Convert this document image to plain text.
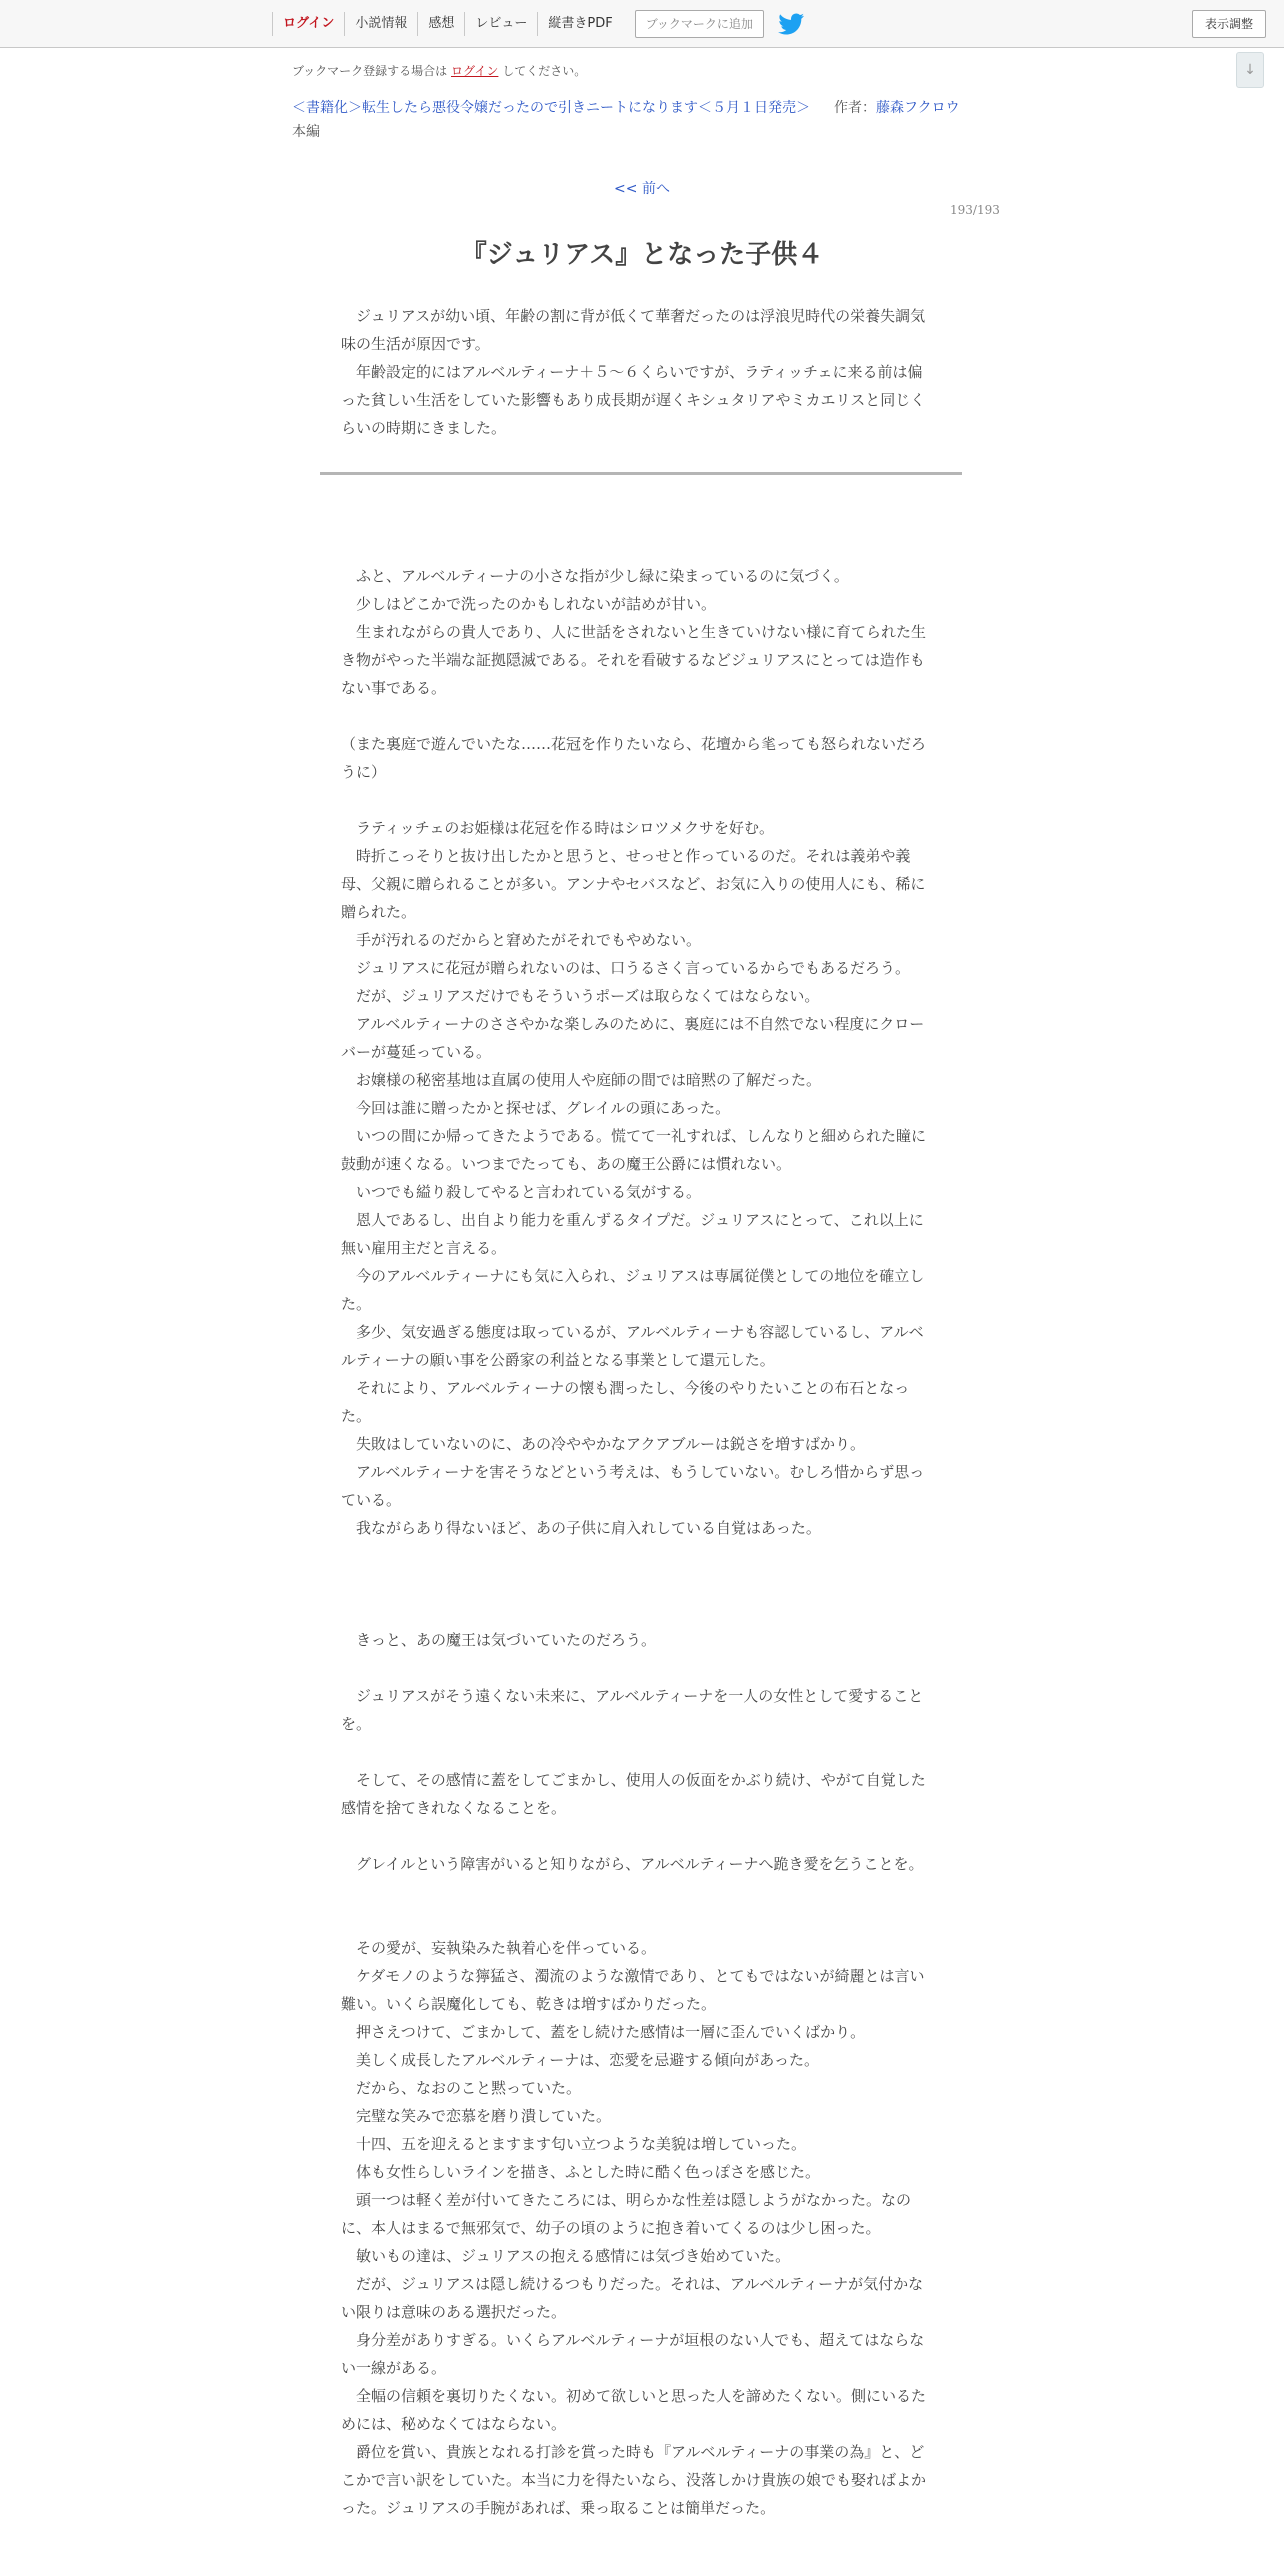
ログイン	小説情報	感想	レビュー	縦書きPDF	ブックマークに追加	表示調整
↓
ブックマーク登録する場合は ログイン してください。
＜書籍化＞転生したら悪役令嬢だったので引きニートになります＜５月１日発売＞ 作者：藤森フクロウ
本編
<< 前へ
193/193
『ジュリアス』となった子供４

　ジュリアスが幼い頃、年齢の割に背が低くて華奢だったのは浮浪児時代の栄養失調気味の生活が原因です。

　年齢設定的にはアルベルティーナ＋５～６くらいですが、ラティッチェに来る前は偏った貧しい生活をしていた影響もあり成長期が遅くキシュタリアやミカエリスと同じくらいの時期にきました。

　ふと、アルベルティーナの小さな指が少し緑に染まっているのに気づく。

　少しはどこかで洗ったのかもしれないが詰めが甘い。

　生まれながらの貴人であり、人に世話をされないと生きていけない様に育てられた生き物がやった半端な証拠隠滅である。それを看破するなどジュリアスにとっては造作もない事である。

（また裏庭で遊んでいたな……花冠を作りたいなら、花壇から毟っても怒られないだろうに）

　ラティッチェのお姫様は花冠を作る時はシロツメクサを好む。

　時折こっそりと抜け出したかと思うと、せっせと作っているのだ。それは義弟や義母、父親に贈られることが多い。アンナやセバスなど、お気に入りの使用人にも、稀に贈られた。

　手が汚れるのだからと窘めたがそれでもやめない。

　ジュリアスに花冠が贈られないのは、口うるさく言っているからでもあるだろう。

　だが、ジュリアスだけでもそういうポーズは取らなくてはならない。

　アルベルティーナのささやかな楽しみのために、裏庭には不自然でない程度にクローバーが蔓延っている。

　お嬢様の秘密基地は直属の使用人や庭師の間では暗黙の了解だった。

　今回は誰に贈ったかと探せば、グレイルの頭にあった。

　いつの間にか帰ってきたようである。慌てて一礼すれば、しんなりと細められた瞳に鼓動が速くなる。いつまでたっても、あの魔王公爵には慣れない。

　いつでも縊り殺してやると言われている気がする。

　恩人であるし、出自より能力を重んずるタイプだ。ジュリアスにとって、これ以上に無い雇用主だと言える。

　今のアルベルティーナにも気に入られ、ジュリアスは専属従僕としての地位を確立した。

　多少、気安過ぎる態度は取っているが、アルベルティーナも容認しているし、アルベルティーナの願い事を公爵家の利益となる事業として還元した。

　それにより、アルベルティーナの懐も潤ったし、今後のやりたいことの布石となった。

　失敗はしていないのに、あの冷ややかなアクアブルーは鋭さを増すばかり。

　アルベルティーナを害そうなどという考えは、もうしていない。むしろ惜からず思っている。

　我ながらあり得ないほど、あの子供に肩入れしている自覚はあった。

　きっと、あの魔王は気づいていたのだろう。

　ジュリアスがそう遠くない未来に、アルベルティーナを一人の女性として愛することを。

　そして、その感情に蓋をしてごまかし、使用人の仮面をかぶり続け、やがて自覚した感情を捨てきれなくなることを。

　グレイルという障害がいると知りながら、アルベルティーナへ跪き愛を乞うことを。

　その愛が、妄執染みた執着心を伴っている。

　ケダモノのような獰猛さ、濁流のような激情であり、とてもではないが綺麗とは言い難い。いくら誤魔化しても、乾きは増すばかりだった。

　押さえつけて、ごまかして、蓋をし続けた感情は一層に歪んでいくばかり。

　美しく成長したアルベルティーナは、恋愛を忌避する傾向があった。

　だから、なおのこと黙っていた。

　完璧な笑みで恋慕を磨り潰していた。

　十四、五を迎えるとますます匂い立つような美貌は増していった。

　体も女性らしいラインを描き、ふとした時に酷く色っぽさを感じた。

　頭一つは軽く差が付いてきたころには、明らかな性差は隠しようがなかった。なのに、本人はまるで無邪気で、幼子の頃のように抱き着いてくるのは少し困った。

　敏いもの達は、ジュリアスの抱える感情には気づき始めていた。

　だが、ジュリアスは隠し続けるつもりだった。それは、アルベルティーナが気付かない限りは意味のある選択だった。

　身分差がありすぎる。いくらアルベルティーナが垣根のない人でも、超えてはならない一線がある。

　全幅の信頼を裏切りたくない。初めて欲しいと思った人を諦めたくない。側にいるためには、秘めなくてはならない。

　爵位を賞い、貴族となれる打診を賞った時も『アルベルティーナの事業の為』と、どこかで言い訳をしていた。本当に力を得たいなら、没落しかけ貴族の娘でも娶ればよかった。ジュリアスの手腕があれば、乗っ取ることは簡単だった。
